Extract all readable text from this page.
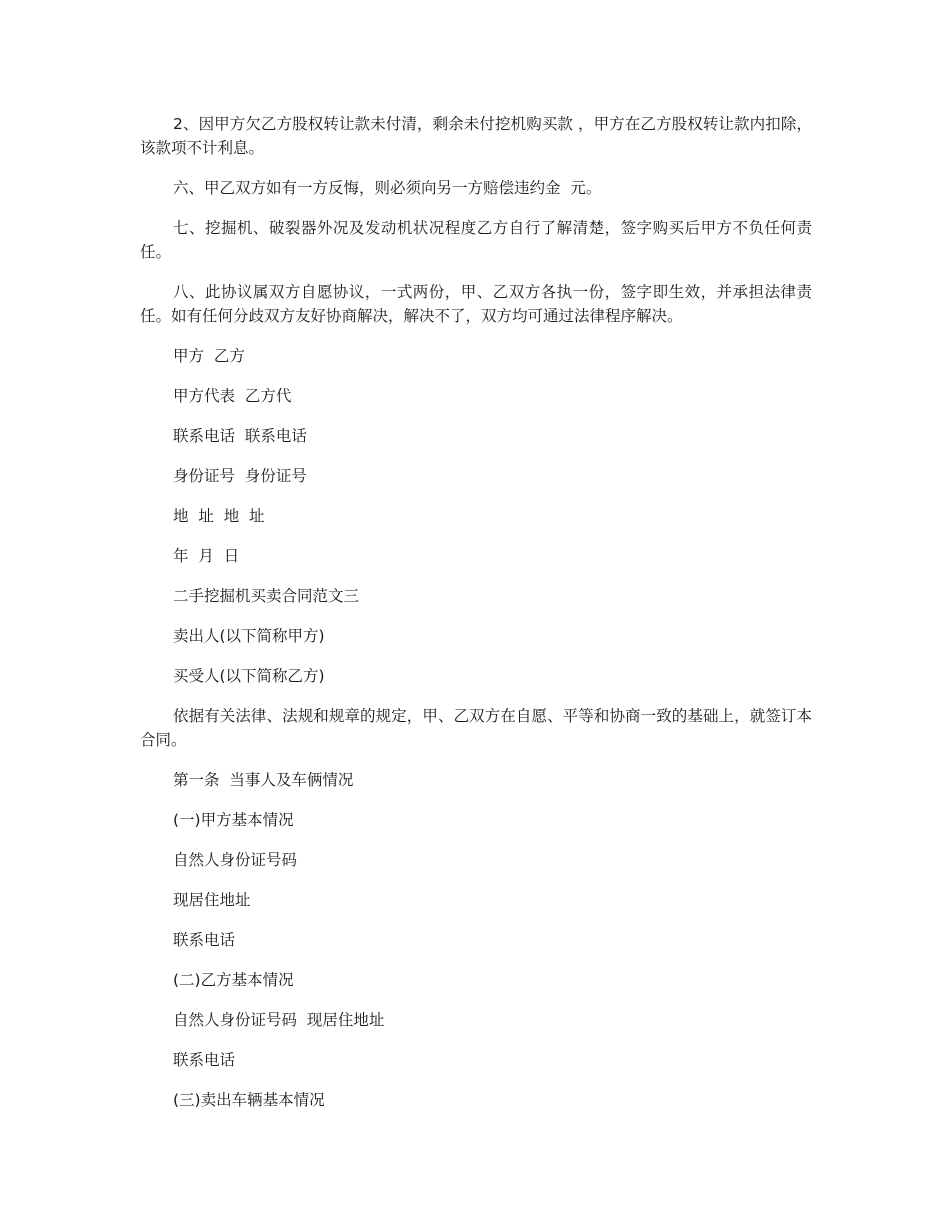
2、因甲方欠乙方股权转让款未付清，剩余未付挖机购买款 ，甲方在乙方股权转让款内扣除，该款项不计利息。

六、甲乙双方如有一方反悔，则必须向另一方赔偿违约金  元。

七、挖掘机、破裂器外况及发动机状况程度乙方自行了解清楚，签字购买后甲方不负任何责任。

八、此协议属双方自愿协议，一式两份，甲、乙双方各执一份，签字即生效，并承担法律责任。如有任何分歧双方友好协商解决，解决不了，双方均可通过法律程序解决。

甲方  乙方

甲方代表  乙方代

联系电话  联系电话

身份证号  身份证号

地  址  地  址

年  月  日

二手挖掘机买卖合同范文三

卖出人(以下简称甲方)

买受人(以下简称乙方)

依据有关法律、法规和规章的规定，甲、乙双方在自愿、平等和协商一致的基础上，就签订本合同。

第一条  当事人及车俩情况

(一)甲方基本情况

自然人身份证号码

现居住地址

联系电话

(二)乙方基本情况

自然人身份证号码  现居住地址

联系电话

(三)卖出车辆基本情况
